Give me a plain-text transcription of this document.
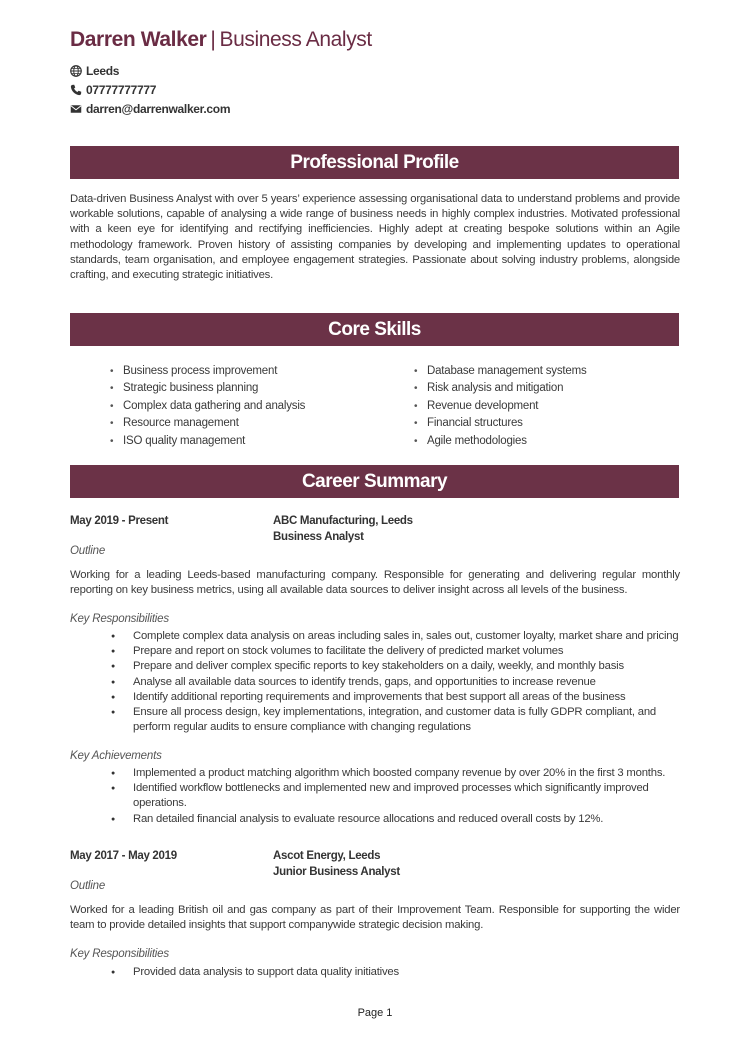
Darren Walker | Business Analyst
Leeds
07777777777
darren@darrenwalker.com
Professional Profile
Data-driven Business Analyst with over 5 years’ experience assessing organisational data to understand problems and provide workable solutions, capable of analysing a wide range of business needs in highly complex industries. Motivated professional with a keen eye for identifying and rectifying inefficiencies. Highly adept at creating bespoke solutions within an Agile methodology framework. Proven history of assisting companies by developing and implementing updates to operational standards, team organisation, and employee engagement strategies. Passionate about solving industry problems, alongside crafting, and executing strategic initiatives.
Core Skills
• Business process improvement
• Strategic business planning
• Complex data gathering and analysis
• Resource management
• ISO quality management
• Database management systems
• Risk analysis and mitigation
• Revenue development
• Financial structures
• Agile methodologies
Career Summary
May 2019 - Present	ABC Manufacturing, Leeds
Business Analyst
Outline
Working for a leading Leeds-based manufacturing company. Responsible for generating and delivering regular monthly reporting on key business metrics, using all available data sources to deliver insight across all levels of the business.
Key Responsibilities
● Complete complex data analysis on areas including sales in, sales out, customer loyalty, market share and pricing
● Prepare and report on stock volumes to facilitate the delivery of predicted market volumes
● Prepare and deliver complex specific reports to key stakeholders on a daily, weekly, and monthly basis
● Analyse all available data sources to identify trends, gaps, and opportunities to increase revenue
● Identify additional reporting requirements and improvements that best support all areas of the business
● Ensure all process design, key implementations, integration, and customer data is fully GDPR compliant, and perform regular audits to ensure compliance with changing regulations
Key Achievements
● Implemented a product matching algorithm which boosted company revenue by over 20% in the first 3 months.
● Identified workflow bottlenecks and implemented new and improved processes which significantly improved operations.
● Ran detailed financial analysis to evaluate resource allocations and reduced overall costs by 12%.
May 2017 - May 2019	Ascot Energy, Leeds
Junior Business Analyst
Outline
Worked for a leading British oil and gas company as part of their Improvement Team. Responsible for supporting the wider team to provide detailed insights that support companywide strategic decision making.
Key Responsibilities
● Provided data analysis to support data quality initiatives
Page 1
